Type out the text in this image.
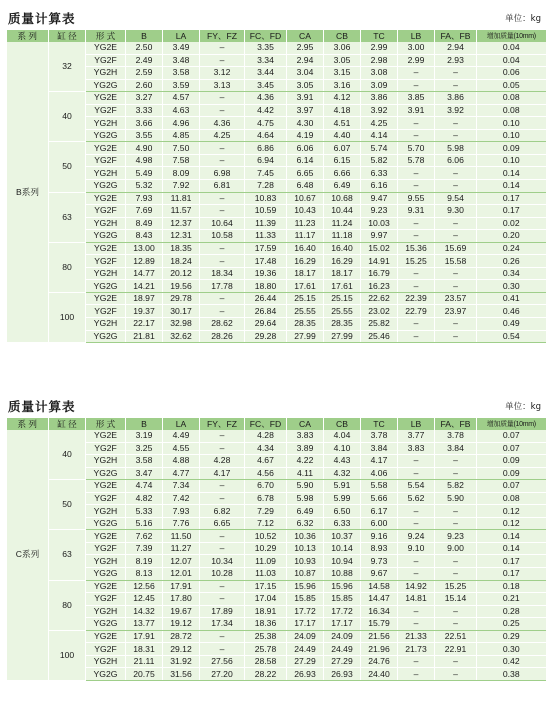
质量计算表	单位：kg
系 列	缸 径	形 式	B	LA	FY、FZ	FC、FD	CA	CB	TC	LB	FA、FB	增加质量(10mm)
B系列	32	YG2E	2.50	3.49	–	3.35	2.95	3.06	2.99	3.00	2.94	0.04
		YG2F	2.49	3.48	–	3.34	2.94	3.05	2.98	2.99	2.93	0.04
		YG2H	2.59	3.58	3.12	3.44	3.04	3.15	3.08	–	–	0.06
		YG2G	2.60	3.59	3.13	3.45	3.05	3.16	3.09	–	–	0.05
	40	YG2E	3.27	4.57	–	4.36	3.91	4.12	3.86	3.85	3.86	0.08
		YG2F	3.33	4.63	–	4.42	3.97	4.18	3.92	3.91	3.92	0.08
		YG2H	3.66	4.96	4.36	4.75	4.30	4.51	4.25	–	–	0.10
		YG2G	3.55	4.85	4.25	4.64	4.19	4.40	4.14	–	–	0.10
	50	YG2E	4.90	7.50	–	6.86	6.06	6.07	5.74	5.70	5.98	0.09
		YG2F	4.98	7.58	–	6.94	6.14	6.15	5.82	5.78	6.06	0.10
		YG2H	5.49	8.09	6.98	7.45	6.65	6.66	6.33	–	–	0.14
		YG2G	5.32	7.92	6.81	7.28	6.48	6.49	6.16	–	–	0.14
	63	YG2E	7.93	11.81	–	10.83	10.67	10.68	9.47	9.55	9.54	0.17
		YG2F	7.69	11.57	–	10.59	10.43	10.44	9.23	9.31	9.30	0.17
		YG2H	8.49	12.37	10.64	11.39	11.23	11.24	10.03	–	–	0.02
		YG2G	8.43	12.31	10.58	11.33	11.17	11.18	9.97	–	–	0.20
	80	YG2E	13.00	18.35	–	17.59	16.40	16.40	15.02	15.36	15.69	0.24
		YG2F	12.89	18.24	–	17.48	16.29	16.29	14.91	15.25	15.58	0.26
		YG2H	14.77	20.12	18.34	19.36	18.17	18.17	16.79	–	–	0.34
		YG2G	14.21	19.56	17.78	18.80	17.61	17.61	16.23	–	–	0.30
	100	YG2E	18.97	29.78	–	26.44	25.15	25.15	22.62	22.39	23.57	0.41
		YG2F	19.37	30.17	–	26.84	25.55	25.55	23.02	22.79	23.97	0.46
		YG2H	22.17	32.98	28.62	29.64	28.35	28.35	25.82	–	–	0.49
		YG2G	21.81	32.62	28.26	29.28	27.99	27.99	25.46	–	–	0.54
质量计算表	单位：kg
系 列	缸 径	形 式	B	LA	FY、FZ	FC、FD	CA	CB	TC	LB	FA、FB	增加质量(10mm)
C系列	40	YG2E	3.19	4.49	–	4.28	3.83	4.04	3.78	3.77	3.78	0.07
		YG2F	3.25	4.55	–	4.34	3.89	4.10	3.84	3.83	3.84	0.07
		YG2H	3.58	4.88	4.28	4.67	4.22	4.43	4.17	–	–	0.09
		YG2G	3.47	4.77	4.17	4.56	4.11	4.32	4.06	–	–	0.09
	50	YG2E	4.74	7.34	–	6.70	5.90	5.91	5.58	5.54	5.82	0.07
		YG2F	4.82	7.42	–	6.78	5.98	5.99	5.66	5.62	5.90	0.08
		YG2H	5.33	7.93	6.82	7.29	6.49	6.50	6.17	–	–	0.12
		YG2G	5.16	7.76	6.65	7.12	6.32	6.33	6.00	–	–	0.12
	63	YG2E	7.62	11.50	–	10.52	10.36	10.37	9.16	9.24	9.23	0.14
		YG2F	7.39	11.27	–	10.29	10.13	10.14	8.93	9.10	9.00	0.14
		YG2H	8.19	12.07	10.34	11.09	10.93	10.94	9.73	–	–	0.17
		YG2G	8.13	12.01	10.28	11.03	10.87	10.88	9.67	–	–	0.17
	80	YG2E	12.56	17.91	–	17.15	15.96	15.96	14.58	14.92	15.25	0.18
		YG2F	12.45	17.80	–	17.04	15.85	15.85	14.47	14.81	15.14	0.21
		YG2H	14.32	19.67	17.89	18.91	17.72	17.72	16.34	–	–	0.28
		YG2G	13.77	19.12	17.34	18.36	17.17	17.17	15.79	–	–	0.25
	100	YG2E	17.91	28.72	–	25.38	24.09	24.09	21.56	21.33	22.51	0.29
		YG2F	18.31	29.12	–	25.78	24.49	24.49	21.96	21.73	22.91	0.30
		YG2H	21.11	31.92	27.56	28.58	27.29	27.29	24.76	–	–	0.42
		YG2G	20.75	31.56	27.20	28.22	26.93	26.93	24.40	–	–	0.38
